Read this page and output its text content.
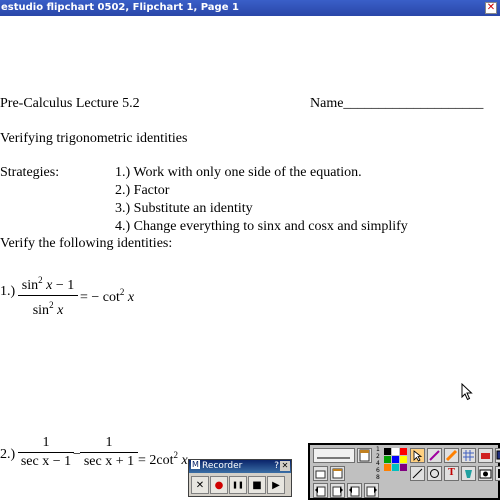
estudio flipchart 0502, Flipchart 1, Page 1	✕
Pre-Calculus Lecture 5.2	Name____________________
Verifying trigonometric identities
Strategies:	1.) Work with only one side of the equation.
2.) Factor
3.) Substitute an identity
4.) Change everything to sinx and cosx and simplify
Verify the following identities:
1.) $\sin^2 x - 1$
$\sin^2 x$
= − $\cot^2 x$
2.)
1
sec x − 1 −
1
$\sec x + 1 = 2\cot^2$ x M Recorder	? ✕
✕	●	❚❚ ■	▶
1
2
4
6
8	T
